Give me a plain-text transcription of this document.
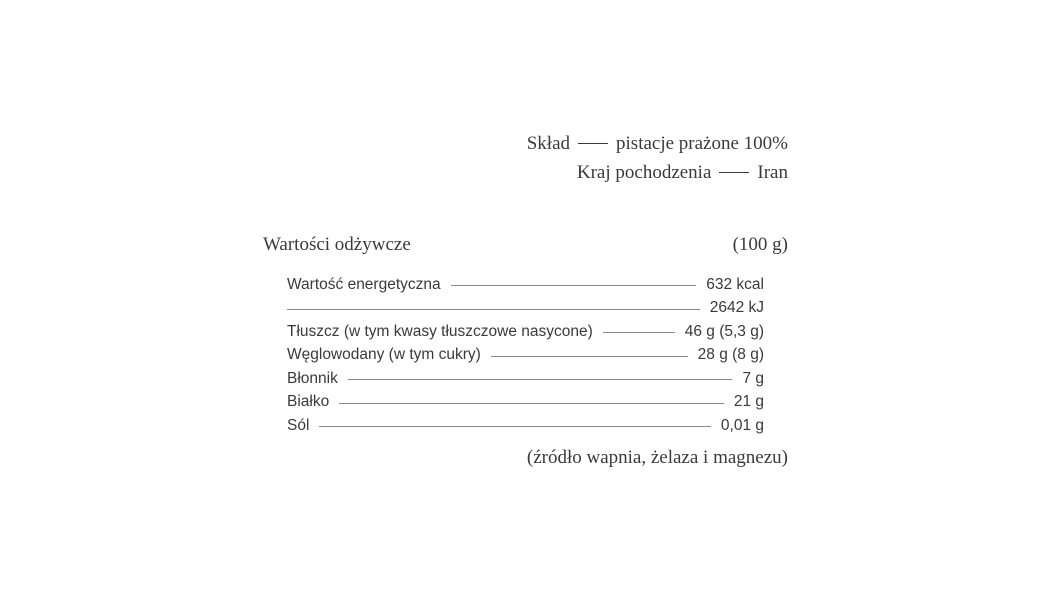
Skład pistacje prażone 100%
Kraj pochodzenia Iran
Wartości odżywcze	(100 g)
Wartość energetyczna	632 kcal
2642 kJ
Tłuszcz (w tym kwasy tłuszczowe nasycone)	46 g (5,3 g)
Węglowodany (w tym cukry)	28 g (8 g)
Błonnik	7 g
Białko	21 g
Sól	0,01 g
(źródło wapnia, żelaza i magnezu)
